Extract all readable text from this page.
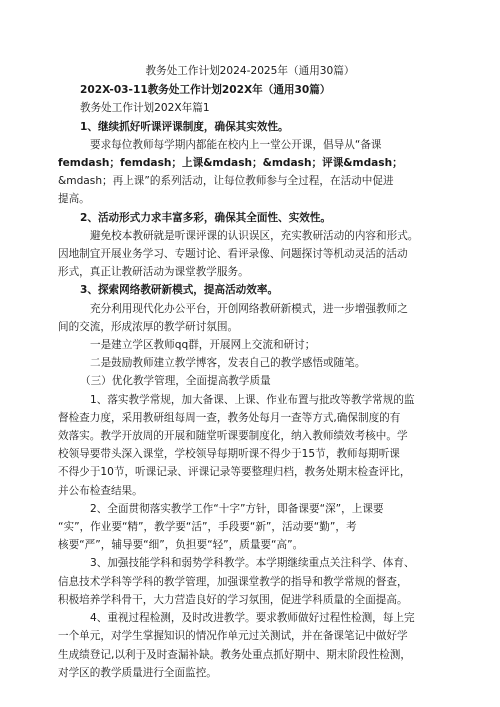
教务处工作计划2024-2025年（通用30篇）
202X-03-11教务处工作计划202X年（通用30篇）
教务处工作计划202X年篇1
1、继续抓好听课评课制度，确保其实效性。
要求每位教师每学期内都能在校内上一堂公开课，倡导从“备课
femdash；femdash；上课&mdash；&mdash；评课&mdash；
&mdash；再上课”的系列活动，让每位教师参与全过程，在活动中促进
提高。
2、活动形式力求丰富多彩，确保其全面性、实效性。
避免校本教研就是听课评课的认识误区，充实教研活动的内容和形式。
因地制宜开展业务学习、专题讨论、看评录像、问题探讨等机动灵活的活动
形式，真正让教研活动为课堂教学服务。
3、探索网络教研新模式，提高活动效率。
充分利用现代化办公平台，开创网络教研新模式，进一步增强教师之
间的交流，形成浓厚的教学研讨氛围。
一是建立学区教师qq群，开展网上交流和研讨；
二是鼓励教师建立教学博客，发表自己的教学感悟或随笔。
（三）优化教学管理，全面提高教学质量
1、落实教学常规，加大备课、上课、作业布置与批改等教学常规的监
督检查力度，采用教研组每周一查，教务处每月一查等方式,确保制度的有
效落实。教学开放周的开展和随堂听课要制度化，纳入教师绩效考核中。学
校领导要带头深入课堂，学校领导每期听课不得少于15节，教师每期听课
不得少于10节，听课记录、评课记录等要整理归档，教务处期末检查评比，
并公布检查结果。
2、全面贯彻落实教学工作“十字”方针，即备课要“深”，上课要
“实”，作业要“精”，教学要“活”，手段要“新”，活动要“勤”，考
核要“严”，辅导要“细”，负担要“轻”，质量要“高”。
3、加强技能学科和弱势学科教学。本学期继续重点关注科学、体育、
信息技术学科等学科的教学管理，加强课堂教学的指导和教学常规的督查，
积极培养学科骨干，大力营造良好的学习氛围，促进学科质量的全面提高。
4、重视过程检测，及时改进教学。要求教师做好过程性检测，每上完
一个单元，对学生掌握知识的情况作单元过关测试，并在备课笔记中做好学
生成绩登记,以利于及时查漏补缺。教务处重点抓好期中、期末阶段性检测，
对学区的教学质量进行全面监控。
